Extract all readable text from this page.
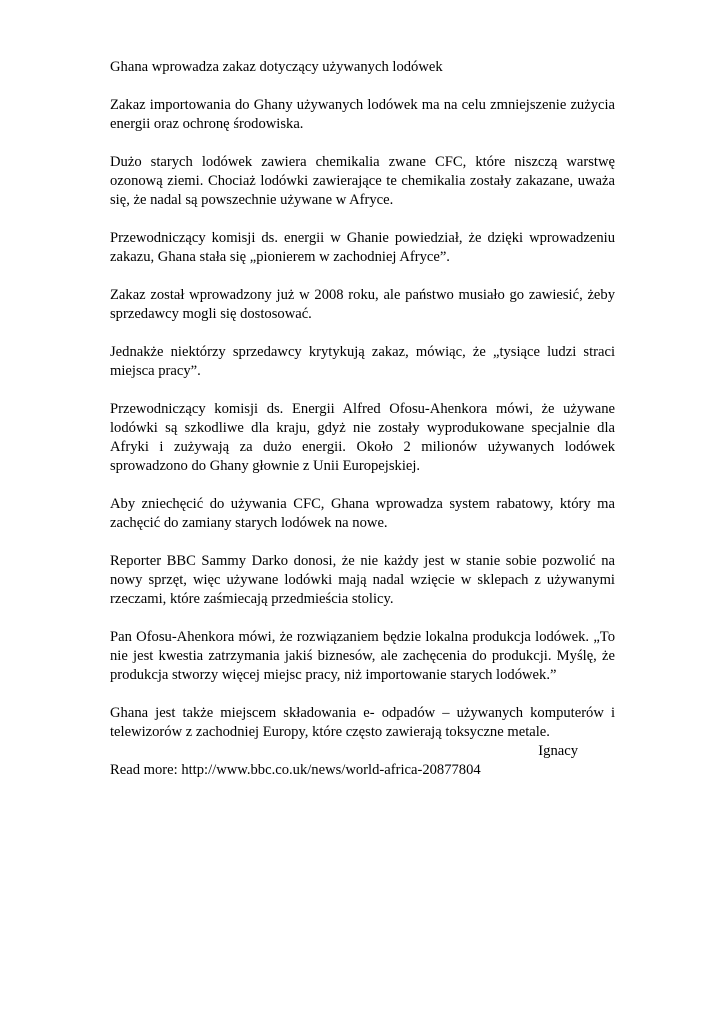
Ghana wprowadza zakaz dotyczący używanych lodówek

Zakaz importowania do Ghany używanych lodówek ma na celu zmniejszenie zużycia energii oraz ochronę środowiska.

Dużo starych lodówek zawiera chemikalia zwane CFC, które niszczą warstwę ozonową ziemi. Chociaż lodówki zawierające te chemikalia zostały zakazane, uważa się, że nadal są powszechnie używane w Afryce.

Przewodniczący komisji ds. energii w Ghanie powiedział, że dzięki wprowadzeniu zakazu, Ghana stała się „pionierem w zachodniej Afryce”.

Zakaz został wprowadzony już w 2008 roku, ale państwo musiało go zawiesić, żeby sprzedawcy mogli się dostosować.

Jednakże niektórzy sprzedawcy krytykują zakaz, mówiąc, że „tysiące ludzi straci miejsca pracy”.

Przewodniczący komisji ds. Energii Alfred Ofosu-Ahenkora mówi, że używane lodówki są szkodliwe dla kraju, gdyż nie zostały wyprodukowane specjalnie dla Afryki i zużywają za dużo energii. Około 2 milionów używanych lodówek sprowadzono do Ghany głownie z Unii Europejskiej.

Aby zniechęcić do używania CFC, Ghana wprowadza system rabatowy, który ma zachęcić do zamiany starych lodówek na nowe.

Reporter BBC Sammy Darko donosi, że nie każdy jest w stanie sobie pozwolić na nowy sprzęt, więc używane lodówki mają nadal wzięcie w sklepach z używanymi rzeczami, które zaśmiecają przedmieścia stolicy.

Pan Ofosu-Ahenkora mówi, że rozwiązaniem będzie lokalna produkcja lodówek. „To nie jest kwestia zatrzymania jakiś biznesów, ale zachęcenia do produkcji. Myślę, że produkcja stworzy więcej miejsc pracy, niż importowanie starych lodówek.”

Ghana jest także miejscem składowania e- odpadów – używanych komputerów i telewizorów z zachodniej Europy, które często zawierają toksyczne metale.

Ignacy

Read more: http://www.bbc.co.uk/news/world-africa-20877804
